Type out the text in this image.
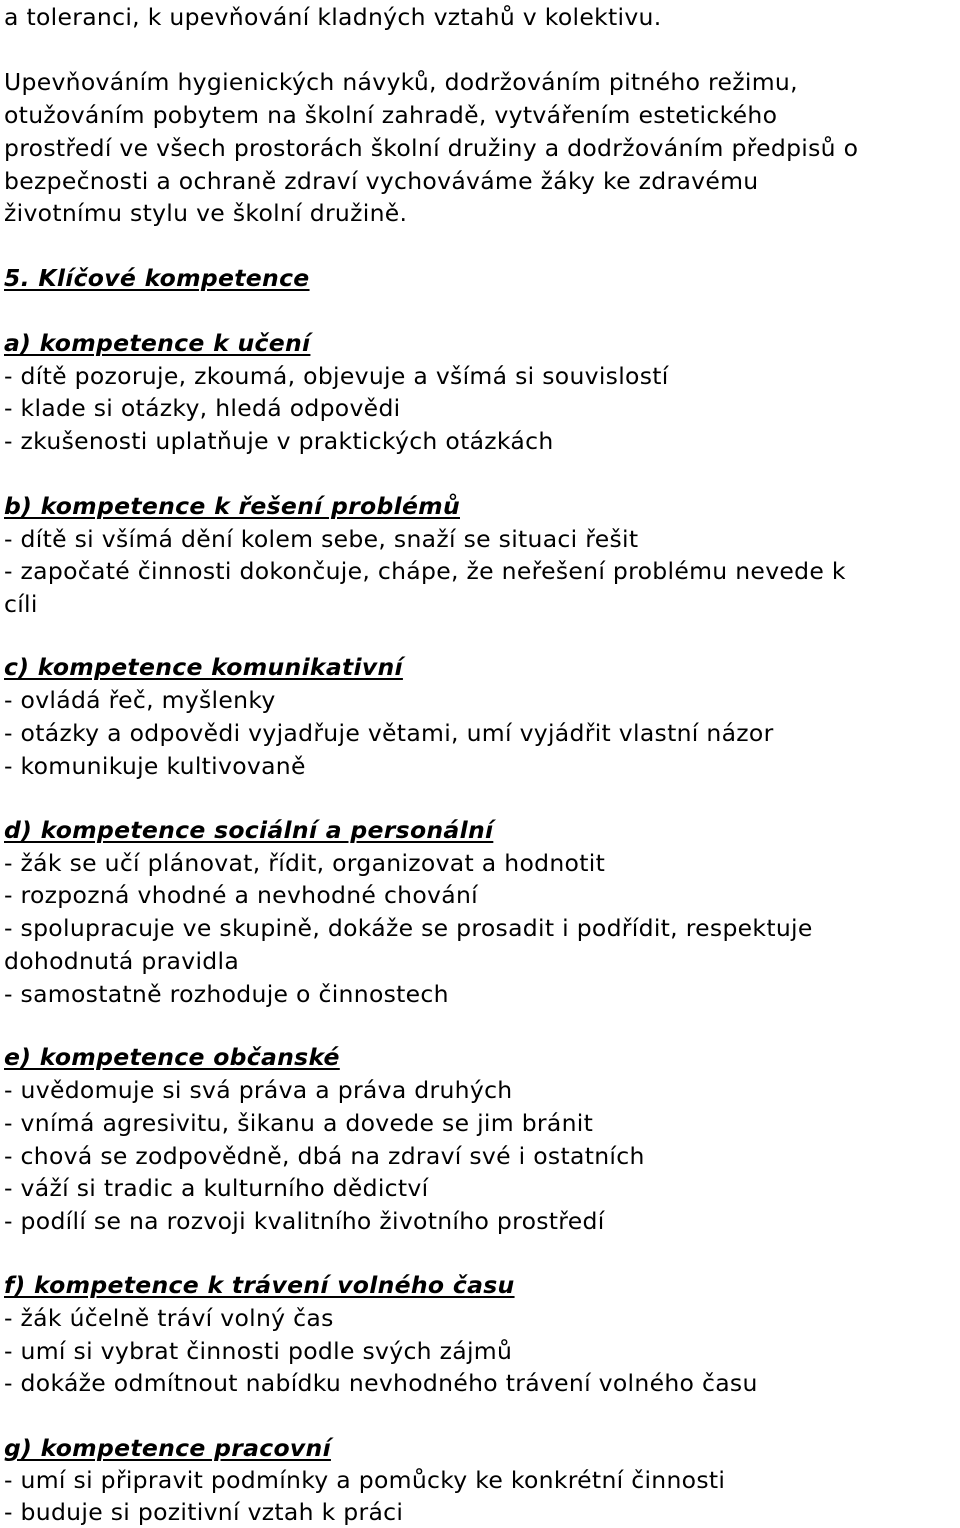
a toleranci, k upevňování kladných vztahů v kolektivu.
Upevňováním hygienických návyků, dodržováním pitného režimu,
otužováním pobytem na školní zahradě, vytvářením estetického
prostředí ve všech prostorách školní družiny a dodržováním předpisů o
bezpečnosti a ochraně zdraví vychováváme žáky ke zdravému
životnímu stylu ve školní družině.
5. Klíčové kompetence
a) kompetence k učení
- dítě pozoruje, zkoumá, objevuje a všímá si souvislostí
- klade si otázky, hledá odpovědi
- zkušenosti uplatňuje v praktických otázkách
b) kompetence k řešení problémů
- dítě si všímá dění kolem sebe, snaží se situaci řešit
- započaté činnosti dokončuje, chápe, že neřešení problému nevede k
cíli
c) kompetence komunikativní
- ovládá řeč, myšlenky
- otázky a odpovědi vyjadřuje větami, umí vyjádřit vlastní názor
- komunikuje kultivovaně
d) kompetence sociální a personální
- žák se učí plánovat, řídit, organizovat a hodnotit
- rozpozná vhodné a nevhodné chování
- spolupracuje ve skupině, dokáže se prosadit i podřídit, respektuje
dohodnutá pravidla
- samostatně rozhoduje o činnostech
e) kompetence občanské
- uvědomuje si svá práva a práva druhých
- vnímá agresivitu, šikanu a dovede se jim bránit
- chová se zodpovědně, dbá na zdraví své i ostatních
- váží si tradic a kulturního dědictví
- podílí se na rozvoji kvalitního životního prostředí
f) kompetence k trávení volného času
- žák účelně tráví volný čas
- umí si vybrat činnosti podle svých zájmů
- dokáže odmítnout nabídku nevhodného trávení volného času
g) kompetence pracovní
- umí si připravit podmínky a pomůcky ke konkrétní činnosti
- buduje si pozitivní vztah k práci
